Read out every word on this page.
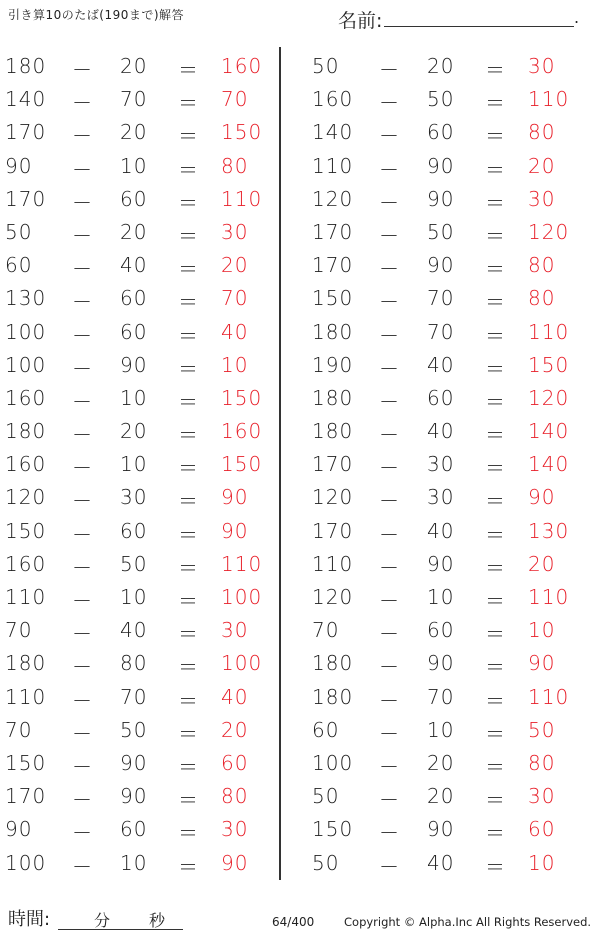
引き算10のたば(190まで)解答	名前:	.
180 － 20 ＝ 160
140 － 70 ＝ 70
170 － 20 ＝ 150
90 － 10 ＝ 80
170 － 60 ＝ 110
50 － 20 ＝ 30
60 － 40 ＝ 20
130 － 60 ＝ 70
100 － 60 ＝ 40
100 － 90 ＝ 10
160 － 10 ＝ 150
180 － 20 ＝ 160
160 － 10 ＝ 150
120 － 30 ＝ 90
150 － 60 ＝ 90
160 － 50 ＝ 110
110 － 10 ＝ 100
70 － 40 ＝ 30
180 － 80 ＝ 100
110 － 70 ＝ 40
70 － 50 ＝ 20
150 － 90 ＝ 60
170 － 90 ＝ 80
90 － 60 ＝ 30
100 － 10 ＝ 90
50 － 20 ＝ 30
160 － 50 ＝ 110
140 － 60 ＝ 80
110 － 90 ＝ 20
120 － 90 ＝ 30
170 － 50 ＝ 120
170 － 90 ＝ 80
150 － 70 ＝ 80
180 － 70 ＝ 110
190 － 40 ＝ 150
180 － 60 ＝ 120
180 － 40 ＝ 140
170 － 30 ＝ 140
120 － 30 ＝ 90
170 － 40 ＝ 130
110 － 90 ＝ 20
120 － 10 ＝ 110
70 － 60 ＝ 10
180 － 90 ＝ 90
180 － 70 ＝ 110
60 － 10 ＝ 50
100 － 20 ＝ 80
50 － 20 ＝ 30
150 － 90 ＝ 60
50 － 40 ＝ 10
時間:	分 秒	64/400	Copyright © Alpha.Inc All Rights Reserved.
